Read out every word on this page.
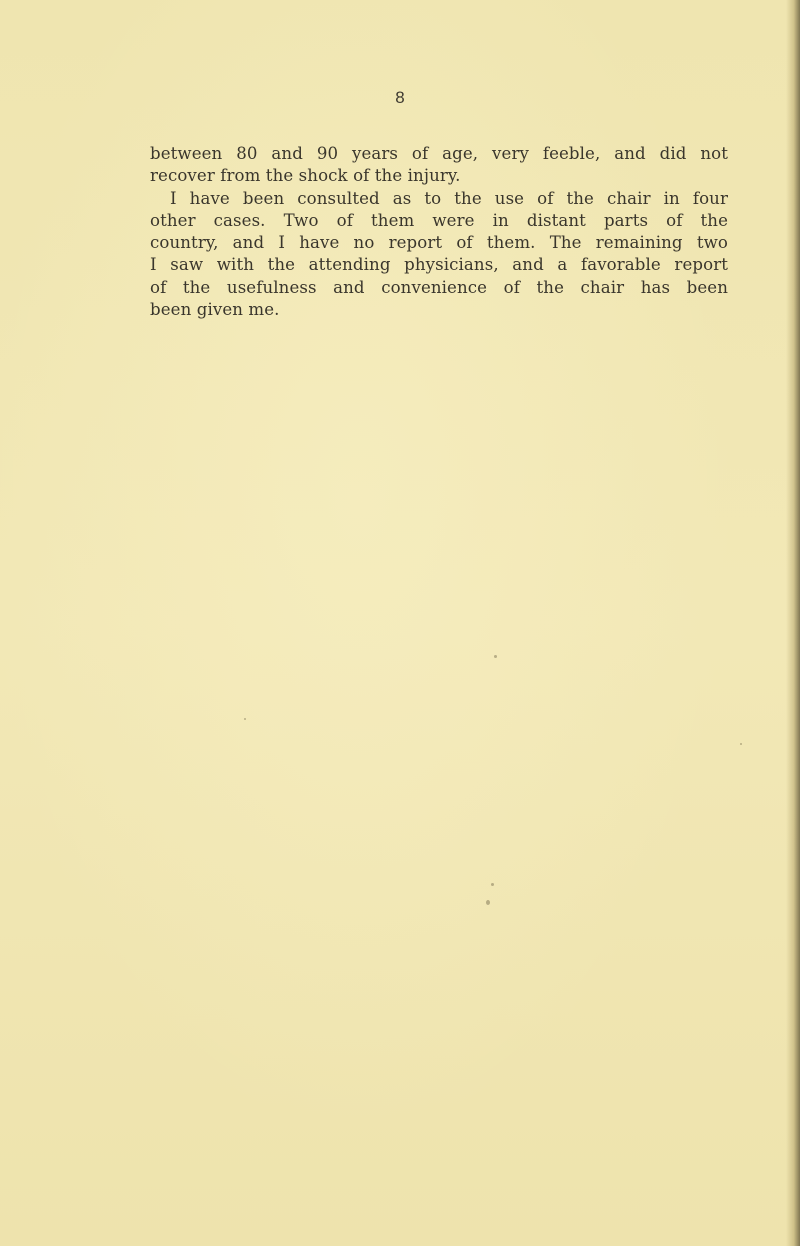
8
between 80 and 90 years of age, very feeble, and did not
recover from the shock of the injury.
I have been consulted as to the use of the chair in four
other cases. Two of them were in distant parts of the
country, and I have no report of them. The remaining two
I saw with the attending physicians, and a favorable report
of the usefulness and convenience of the chair has been
been given me.
